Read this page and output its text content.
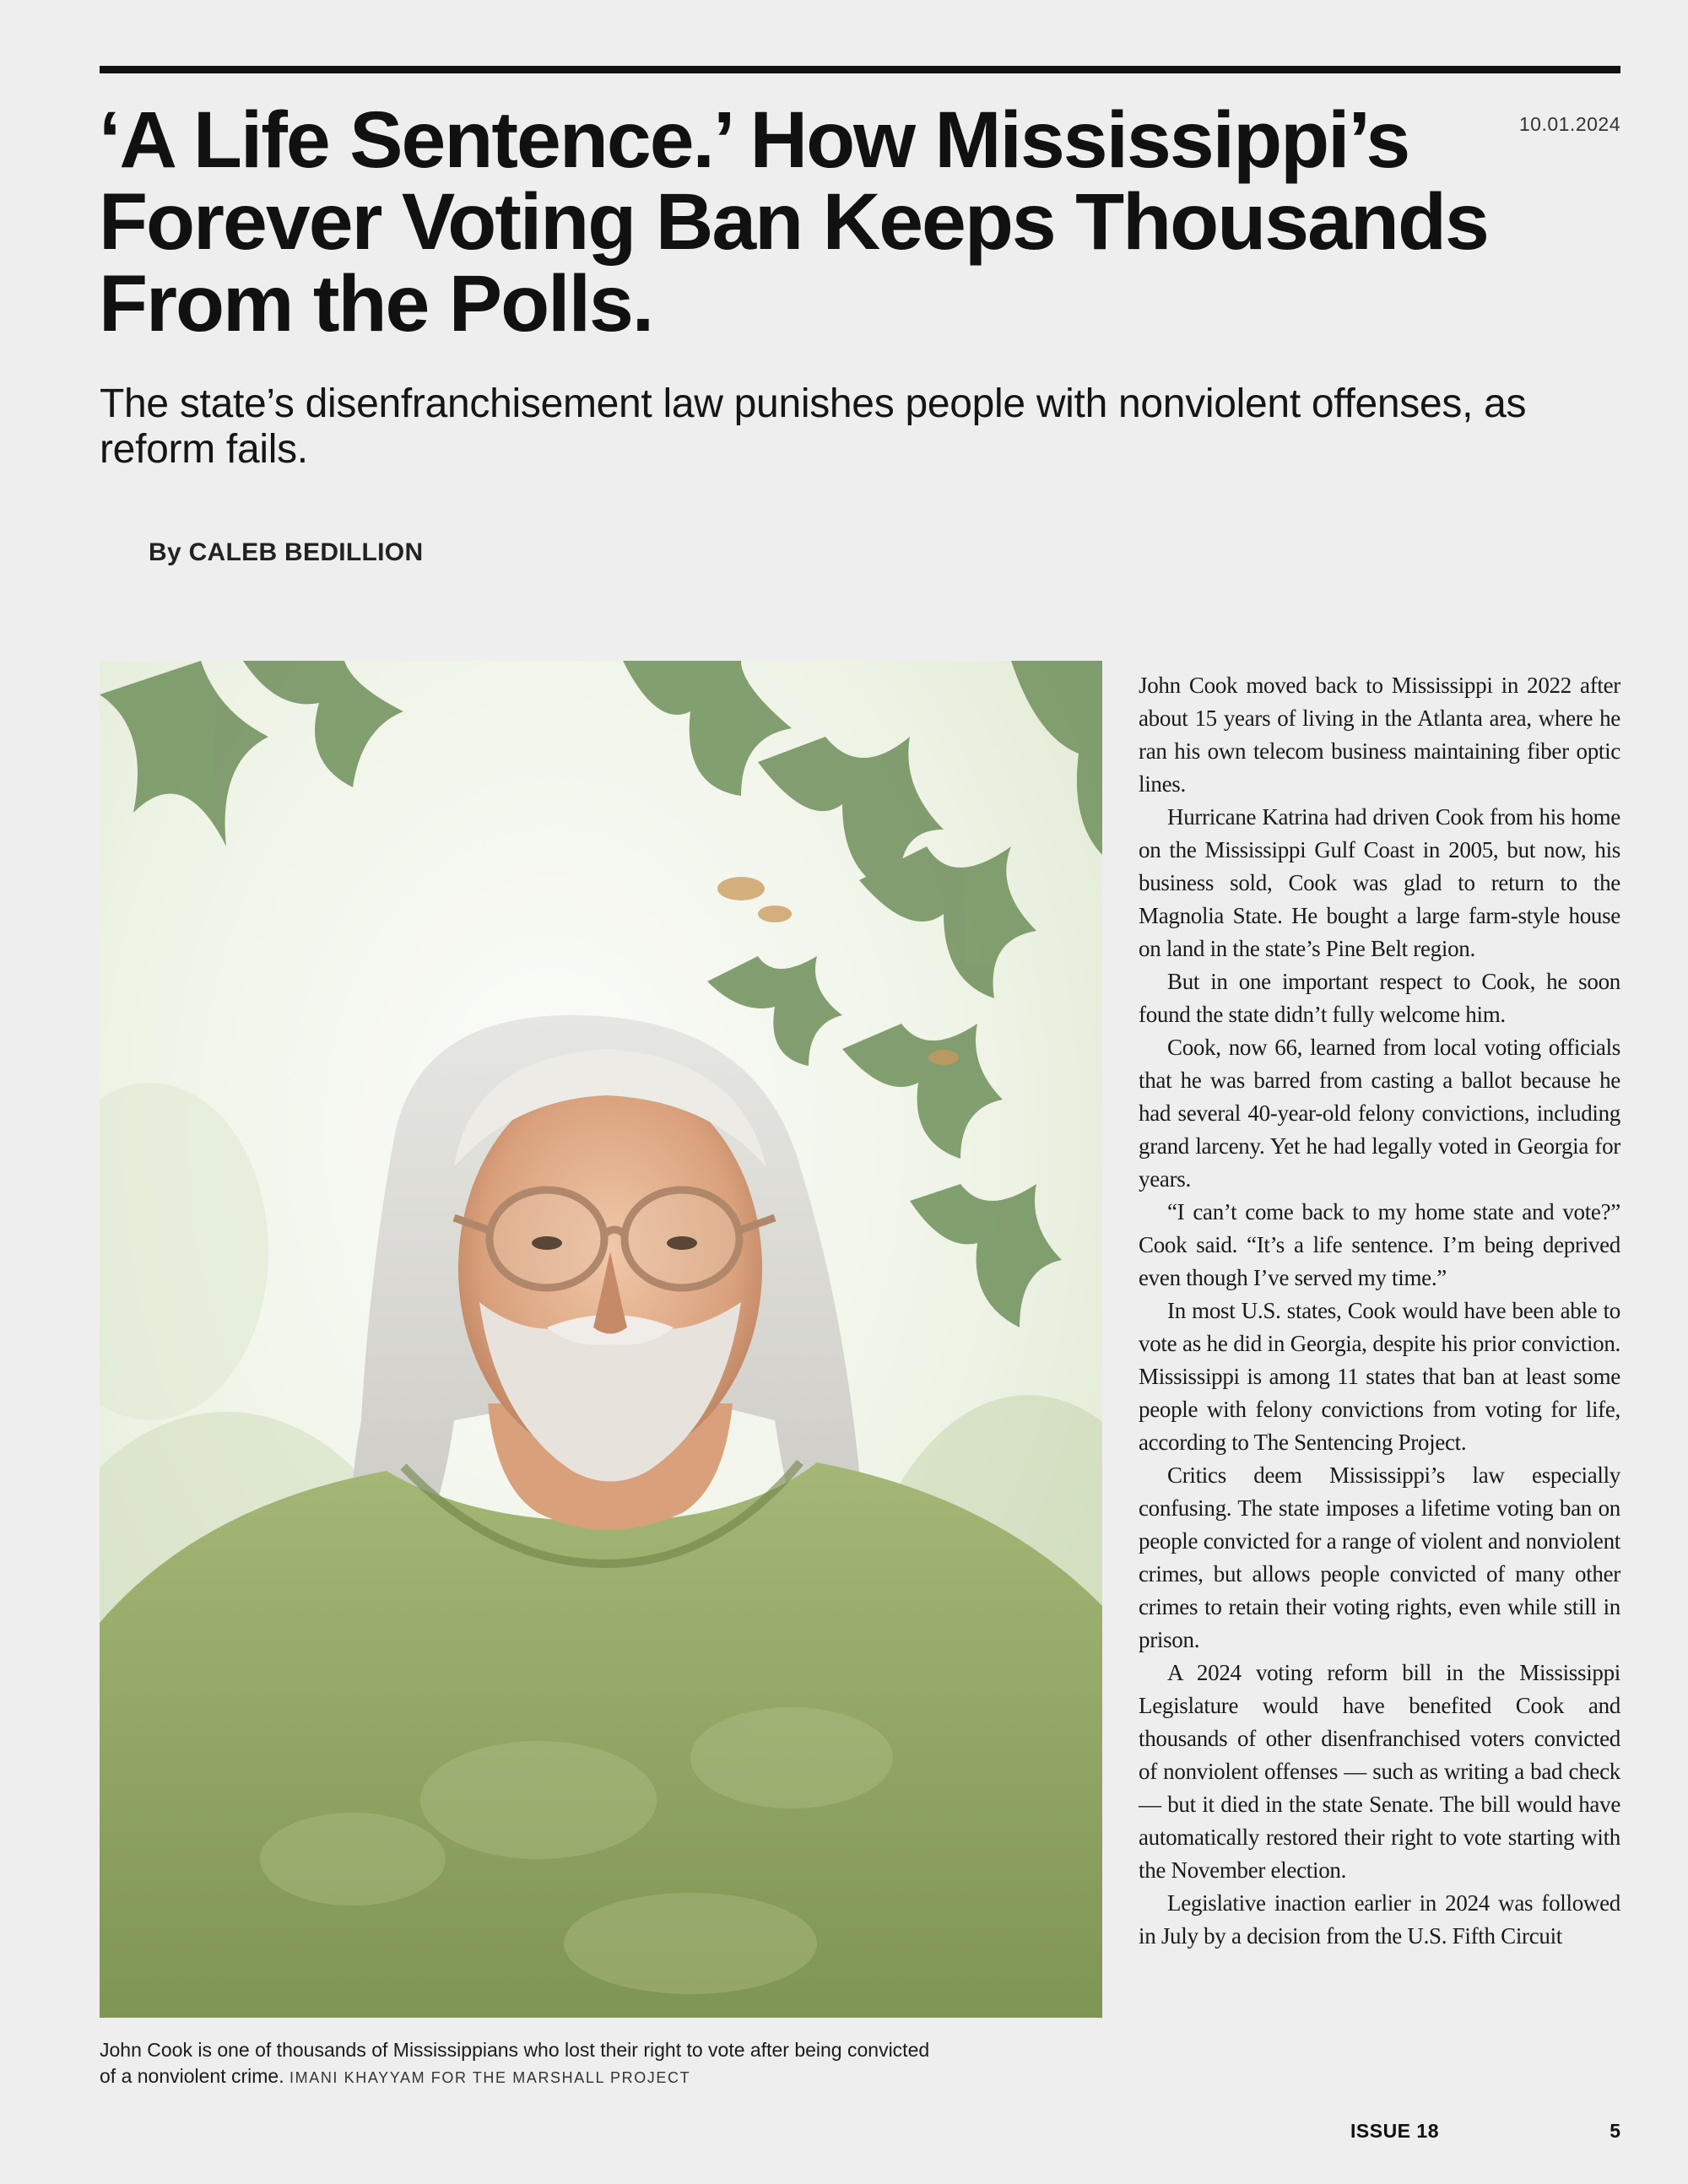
10.01.2024
‘A Life Sentence.’ How Mississippi’s Forever Voting Ban Keeps Thousands From the Polls.
The state’s disenfranchisement law punishes people with nonviolent offenses, as reform fails.
By CALEB BEDILLION
John Cook is one of thousands of Mississippians who lost their right to vote after being convicted of a nonviolent crime. IMANI KHAYYAM FOR THE MARSHALL PROJECT

John Cook moved back to Mississippi in 2022 after about 15 years of living in the Atlanta area, where he ran his own telecom business maintaining fiber optic lines.

Hurricane Katrina had driven Cook from his home on the Mississippi Gulf Coast in 2005, but now, his business sold, Cook was glad to return to the Magnolia State. He bought a large farm-style house on land in the state’s Pine Belt region.

But in one important respect to Cook, he soon found the state didn’t fully welcome him.

Cook, now 66, learned from local voting officials that he was barred from casting a ballot because he had several 40-year-old felony convictions, including grand larceny. Yet he had legally voted in Georgia for years.

“I can’t come back to my home state and vote?” Cook said. “It’s a life sentence. I’m being deprived even though I’ve served my time.”

In most U.S. states, Cook would have been able to vote as he did in Georgia, despite his prior conviction. Mississippi is among 11 states that ban at least some people with felony convictions from voting for life, according to The Sentencing Project.

Critics deem Mississippi’s law especially confusing. The state imposes a lifetime voting ban on people convicted for a range of violent and nonviolent crimes, but allows people convicted of many other crimes to retain their voting rights, even while still in prison.

A 2024 voting reform bill in the Mississippi Legislature would have benefited Cook and thousands of other disenfranchised voters convicted of nonviolent offenses — such as writing a bad check — but it died in the state Senate. The bill would have automatically restored their right to vote starting with the November election.

Legislative inaction earlier in 2024 was followed in July by a decision from the U.S. Fifth Circuit

ISSUE 18	5
